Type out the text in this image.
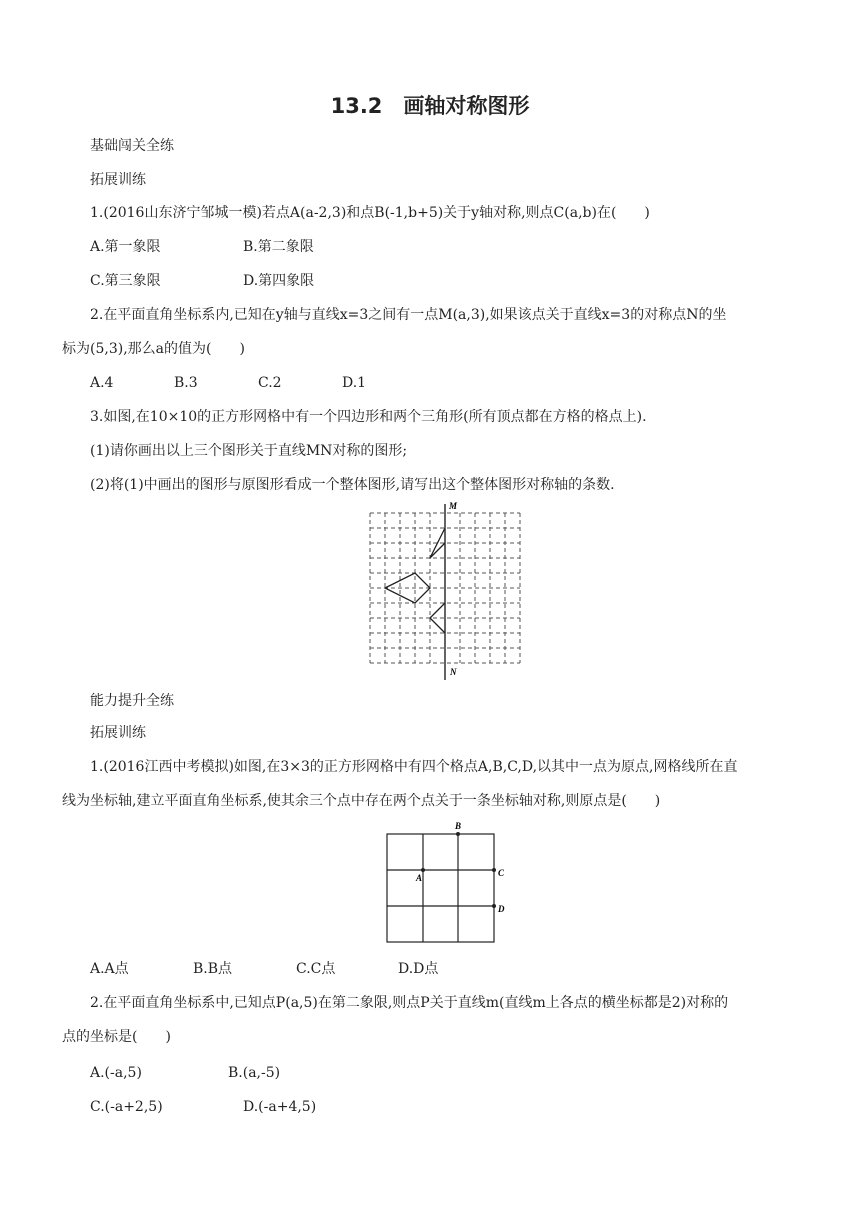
13.2　画轴对称图形
基础闯关全练
拓展训练
1.(2016山东济宁邹城一模)若点A(a-2,3)和点B(-1,b+5)关于y轴对称,则点C(a,b)在(　　)
A.第一象限	B.第二象限
C.第三象限	D.第四象限
2.在平面直角坐标系内,已知在y轴与直线x=3之间有一点M(a,3),如果该点关于直线x=3的对称点N的坐
标为(5,3),那么a的值为(　　)
A.4	B.3	C.2	D.1
3.如图,在10×10的正方形网格中有一个四边形和两个三角形(所有顶点都在方格的格点上).
(1)请你画出以上三个图形关于直线MN对称的图形;
(2)将(1)中画出的图形与原图形看成一个整体图形,请写出这个整体图形对称轴的条数.
M
N
能力提升全练
拓展训练
1.(2016江西中考模拟)如图,在3×3的正方形网格中有四个格点A,B,C,D,以其中一点为原点,网格线所在直
线为坐标轴,建立平面直角坐标系,使其余三个点中存在两个点关于一条坐标轴对称,则原点是(　　)
A
B
C
D
A.A点	B.B点	C.C点	D.D点
2.在平面直角坐标系中,已知点P(a,5)在第二象限,则点P关于直线m(直线m上各点的横坐标都是2)对称的
点的坐标是(　　)
A.(-a,5)	B.(a,-5)
C.(-a+2,5)	D.(-a+4,5)
